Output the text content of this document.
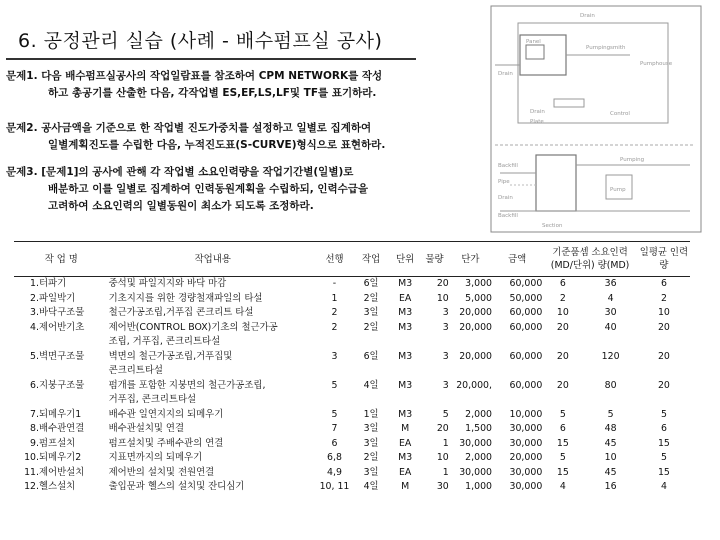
6. 공정관리 실습 (사례 - 배수펌프실 공사)
문제1. 다음 배수펌프실공사의 작업일람표를 참조하여 CPM NETWORK를 작성
하고 총공기를 산출한 다음, 각작업별 ES,EF,LS,LF및 TF를 표기하라.
문제2. 공사금액을 기준으로 한 작업별 진도가중치를 설정하고 일별로 집계하여
일별계획진도를 수립한 다음, 누적진도표(S-CURVE)형식으로 표현하라.
문제3. [문제1]의 공사에 관해 각 작업별 소요인력량을 작업기간별(일별)로
배분하고 이를 일별로 집계하여 인력동원계획을 수립하되, 인력수급을
고려하여 소요인력의 일별동원이 최소가 되도록 조정하라.
Drain
Pumphouse
Panel
Drain
Pumpingsmith
Control
Drain
Plate
Pumping
Backfill
Pipe
Drain
Backfill
Pump
Section
작 업 명		작업내용	선행	작업	단위	물량	단가	금액	기준품셈 소요인력
(MD/단위) 량(MD)		일평균 인력량
1.	터파기	중석및 파일지지와 바닥 마감	-	6일	M3	20	3,000	60,000	6	36	6
2.	파일박기	기초지지를 위한 경량철재파일의 타설	1	2일	EA	10	5,000	50,000	2	4	2
3.	바닥구조물	철근가공조립,거푸집 콘크리트 타설	2	3일	M3	3	20,000	60,000	10	30	10
4.	제어반기초	제어반(CONTROL BOX)기초의 철근가공
조립, 거푸집, 콘크리트타설	2	2일	M3	3	20,000	60,000	20	40	20
5.	벽면구조물	벽면의 철근가공조립,거푸집및
콘크리트타설	3	6일	M3	3	20,000	60,000	20	120	20
6.	지붕구조물	펌개를 포함한 지붕면의 철근가공조립,
거푸집, 콘크리트타설	5	4일	M3	3	20,000,	60,000	20	80	20
7.	되메우기1	배수관 일연지지의 되메우기	5	1일	M3	5	2,000	10,000	5	5	5
8.	배수관연결	배수관설치및 연결	7	3일	M	20	1,500	30,000	6	48	6
9.	펌프설치	펌프설치및 주배수관의 연결	6	3일	EA	1	30,000	30,000	15	45	15
10.	되메우기2	지표면까지의 되메우기	6,8	2일	M3	10	2,000	20,000	5	10	5
11.	제어반설치	제어반의 설치및 전원연결	4,9	3일	EA	1	30,000	30,000	15	45	15
12.	헬스설치	출입문과 헬스의 설치및 잔디심기	10, 11	4일	M	30	1,000	30,000	4	16	4
